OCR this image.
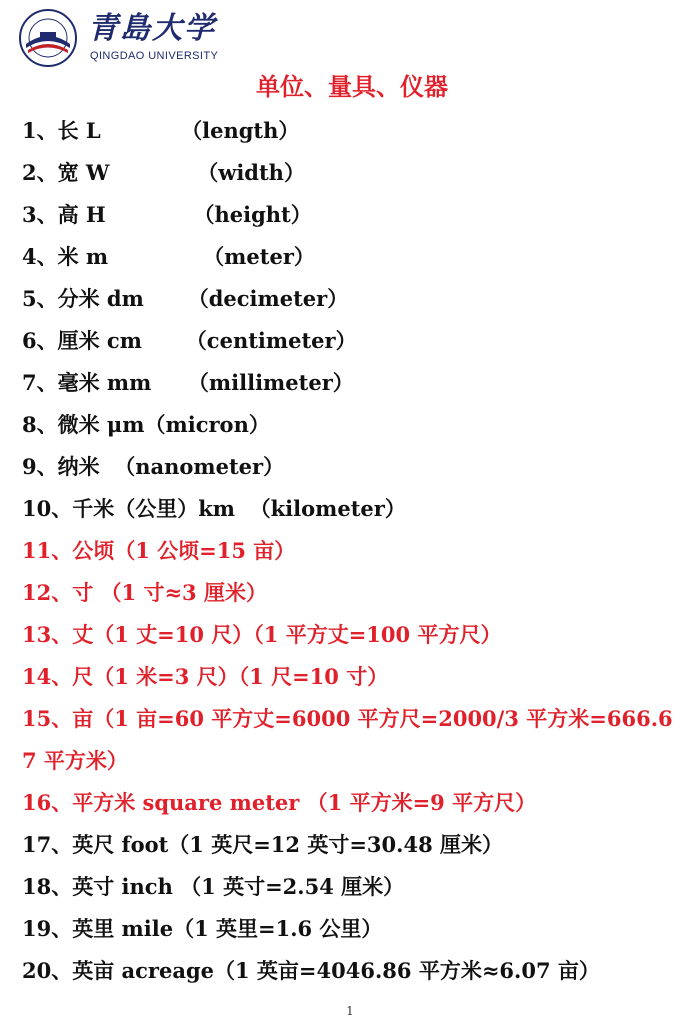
青島大学
QINGDAO UNIVERSITY
单位、量具、仪器
1、长 L           （length）
2、宽 W            （width）
3、高 H            （height）
4、米 m             （meter）
5、分米 dm      （decimeter）
6、厘米 cm      （centimeter）
7、毫米 mm     （millimeter）
8、微米 μm（micron）
9、纳米  （nanometer）
10、千米（公里）km  （kilometer）
11、公顷（1 公顷=15 亩）
12、寸 （1 寸≈3 厘米）
13、丈（1 丈=10 尺）（1 平方丈=100 平方尺）
14、尺（1 米=3 尺）（1 尺=10 寸）
15、亩（1 亩=60 平方丈=6000 平方尺=2000/3 平方米=666.67 平方米）
16、平方米 square meter （1 平方米=9 平方尺）
17、英尺 foot（1 英尺=12 英寸=30.48 厘米）
18、英寸 inch （1 英寸=2.54 厘米）
19、英里 mile（1 英里=1.6 公里）
20、英亩 acreage（1 英亩=4046.86 平方米≈6.07 亩）
1
